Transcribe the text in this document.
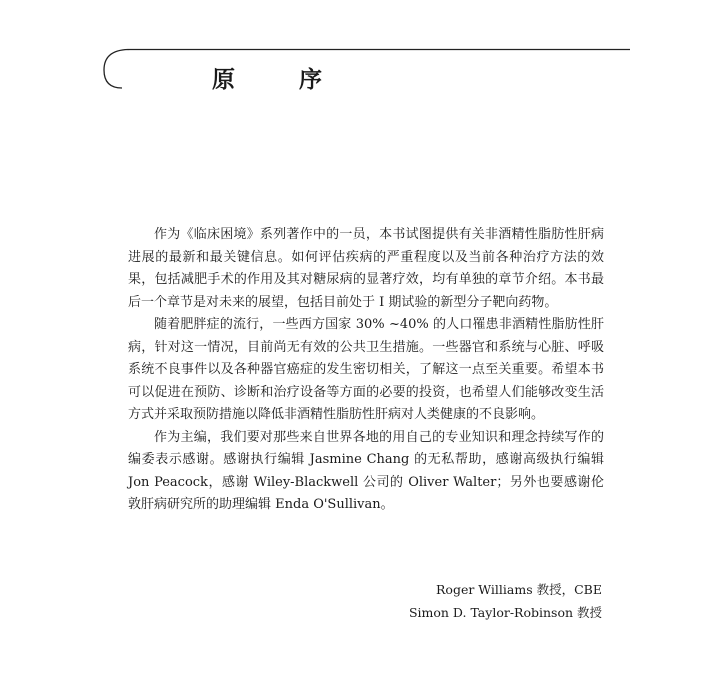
原 序

作为《临床困境》系列著作中的一员，本书试图提供有关非酒精性脂肪性肝病进展的最新和最关键信息。如何评估疾病的严重程度以及当前各种治疗方法的效果，包括减肥手术的作用及其对糖尿病的显著疗效，均有单独的章节介绍。本书最后一个章节是对未来的展望，包括目前处于 I 期试验的新型分子靶向药物。

随着肥胖症的流行，一些西方国家 30% ~40% 的人口罹患非酒精性脂肪性肝病，针对这一情况，目前尚无有效的公共卫生措施。一些器官和系统与心脏、呼吸系统不良事件以及各种器官癌症的发生密切相关，了解这一点至关重要。希望本书可以促进在预防、诊断和治疗设备等方面的必要的投资，也希望人们能够改变生活方式并采取预防措施以降低非酒精性脂肪性肝病对人类健康的不良影响。

作为主编，我们要对那些来自世界各地的用自己的专业知识和理念持续写作的编委表示感谢。感谢执行编辑 Jasmine Chang 的无私帮助，感谢高级执行编辑 Jon Peacock，感谢 Wiley-Blackwell 公司的 Oliver Walter；另外也要感谢伦敦肝病研究所的助理编辑 Enda O'Sullivan。

Roger Williams 教授，CBE
Simon D. Taylor-Robinson 教授
